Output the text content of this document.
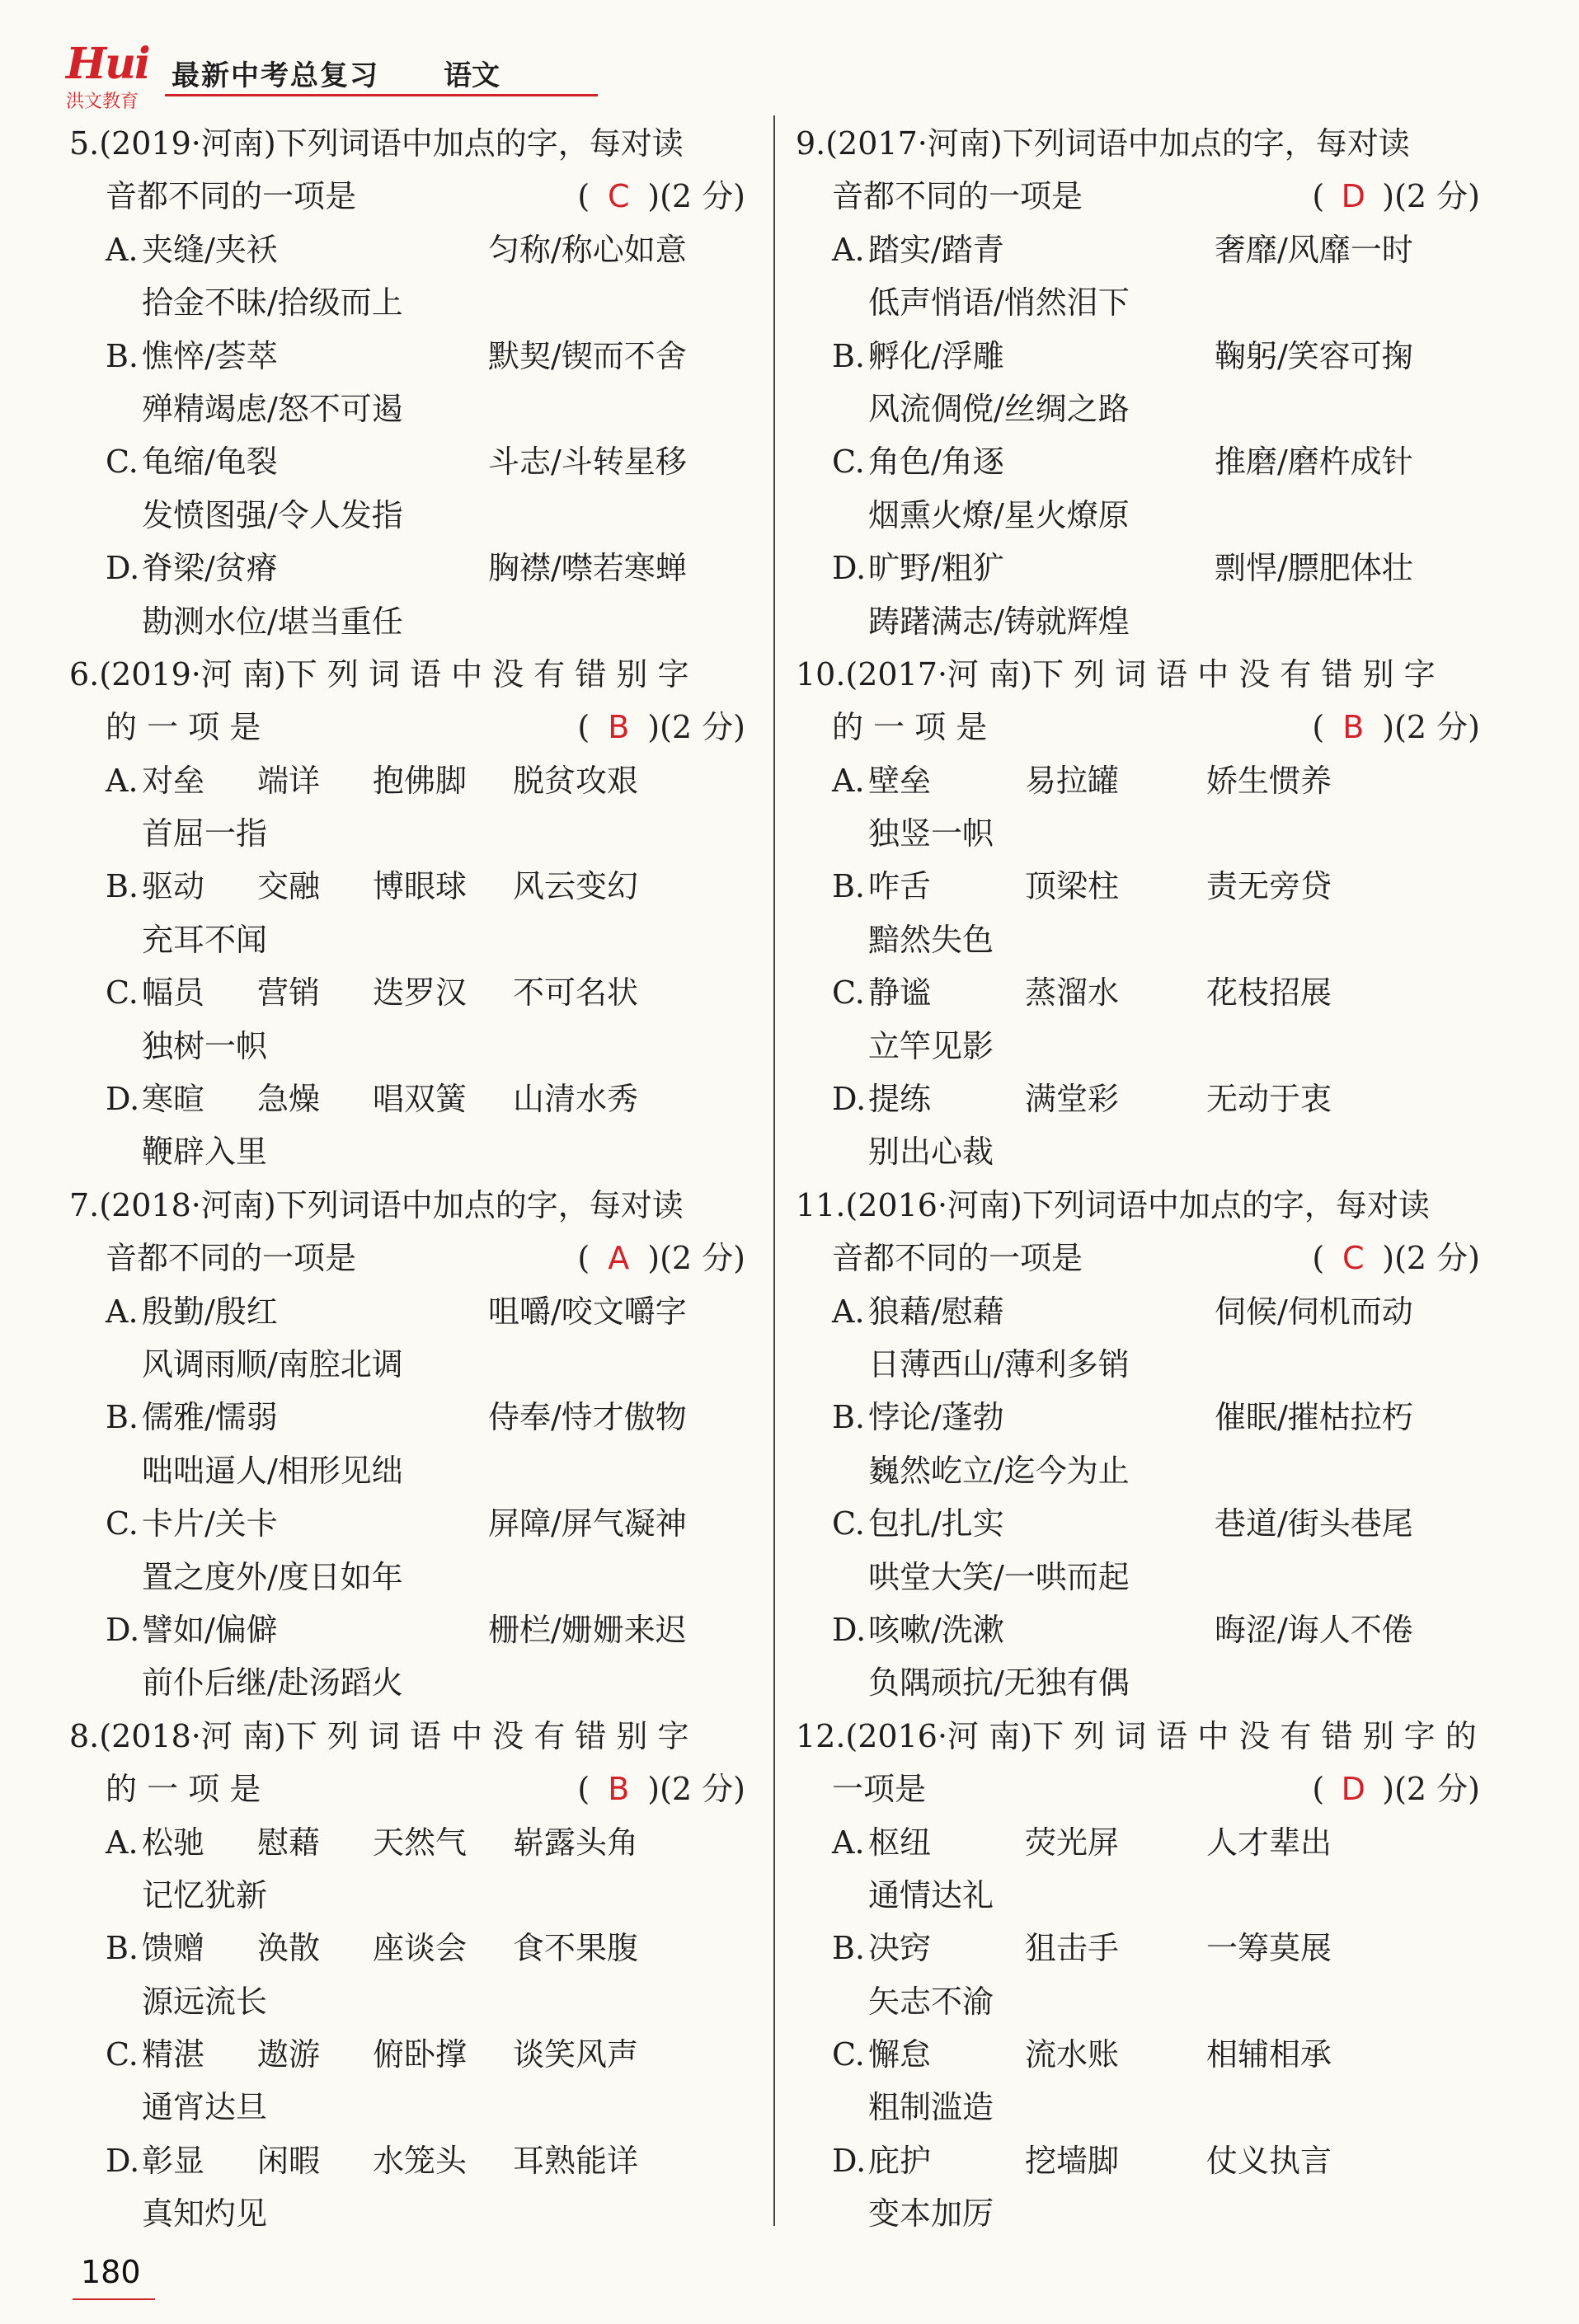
Hui
洪文教育
最新中考总复习 语文
5.(2019·河南)下列词语中加点的字，每对读
音都不同的一项是	( C )(2 分)
A. 夹缝/夹袄	匀称/称心如意
拾金不昧/拾级而上
B. 憔悴/荟萃	默契/锲而不舍
殚精竭虑/怒不可遏
C. 龟缩/龟裂	斗志/斗转星移
发愤图强/令人发指
D. 脊梁/贫瘠	胸襟/噤若寒蝉
勘测水位/堪当重任
6.(2019·河 南)下 列 词 语 中 没 有 错 别 字
的 一 项 是	( B )(2 分)
A. 对垒 端详 抱佛脚 脱贫攻艰
首屈一指
B. 驱动 交融 博眼球 风云变幻
充耳不闻
C. 幅员 营销 迭罗汉 不可名状
独树一帜
D. 寒暄 急燥 唱双簧 山清水秀
鞭辟入里
7.(2018·河南)下列词语中加点的字，每对读
音都不同的一项是	( A )(2 分)
A. 殷勤/殷红	咀嚼/咬文嚼字
风调雨顺/南腔北调
B. 儒雅/懦弱	侍奉/恃才傲物
咄咄逼人/相形见绌
C. 卡片/关卡	屏障/屏气凝神
置之度外/度日如年
D. 譬如/偏僻	栅栏/姗姗来迟
前仆后继/赴汤蹈火
8.(2018·河 南)下 列 词 语 中 没 有 错 别 字
的 一 项 是	( B )(2 分)
A. 松驰 慰藉 天然气 崭露头角
记忆犹新
B. 馈赠 涣散 座谈会 食不果腹
源远流长
C. 精湛 遨游 俯卧撑 谈笑风声
通宵达旦
D. 彰显 闲暇 水笼头 耳熟能详
真知灼见
9.(2017·河南)下列词语中加点的字，每对读
音都不同的一项是	( D )(2 分)
A. 踏实/踏青	奢靡/风靡一时
低声悄语/悄然泪下
B. 孵化/浮雕	鞠躬/笑容可掬
风流倜傥/丝绸之路
C. 角色/角逐	推磨/磨杵成针
烟熏火燎/星火燎原
D. 旷野/粗犷	剽悍/膘肥体壮
踌躇满志/铸就辉煌
10.(2017·河 南)下 列 词 语 中 没 有 错 别 字
的 一 项 是	( B )(2 分)
A. 壁垒	易拉罐	娇生惯养
独竖一帜
B. 咋舌	顶梁柱	责无旁贷
黯然失色
C. 静谧	蒸溜水	花枝招展
立竿见影
D. 提练	满堂彩	无动于衷
别出心裁
11.(2016·河南)下列词语中加点的字，每对读
音都不同的一项是	( C )(2 分)
A. 狼藉/慰藉	伺候/伺机而动
日薄西山/薄利多销
B. 悖论/蓬勃	催眠/摧枯拉朽
巍然屹立/迄今为止
C. 包扎/扎实	巷道/街头巷尾
哄堂大笑/一哄而起
D. 咳嗽/洗漱	晦涩/诲人不倦
负隅顽抗/无独有偶
12.(2016·河 南)下 列 词 语 中 没 有 错 别 字 的
一项是	( D )(2 分)
A. 枢纽	荧光屏	人才辈出
通情达礼
B. 决窍	狙击手	一筹莫展
矢志不渝
C. 懈怠	流水账	相辅相承
粗制滥造
D. 庇护	挖墙脚	仗义执言
变本加厉
180
